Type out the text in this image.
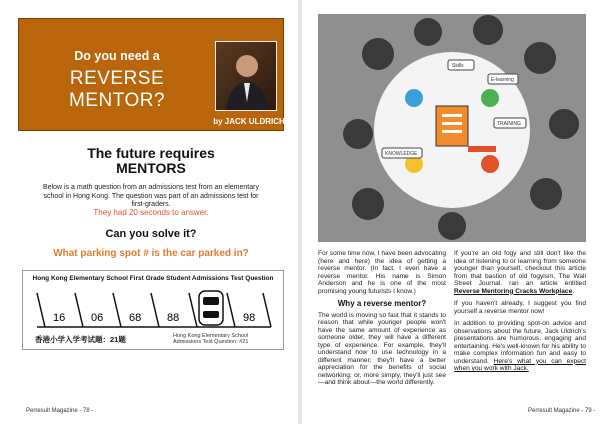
Do you need a
REVERSE
MENTOR?
by JACK ULDRICH
The future requires
MENTORS
Below is a math question from an admissions test from an elementary school in Hong Kong. The question was part of an admissions test for first-graders.
They had 20 seconds to answer.
Can you solve it?
What parking spot # is the car parked in?
Hong Kong Elementary School First Grade Student Admissions Test Question
16 06 68 88	98
香港小学入学考试题：21题	Hong Kong Elementary School Admissions Test Question: #21
Perresult Magazine - 78 -
E-learning
Skills
TRAINING
KNOWLEDGE

For some time now, I have been advocating (here and here) the idea of getting a reverse mentor. (In fact, I even have a reverse mentor. His name is Simon Anderson and he is one of the most promising young futurists I know.)

Why a reverse mentor?

The world is moving so fast that it stands to reason that while younger people won't have the same amount of experience as someone older, they will have a different type of experience. For example, they'll understand how to use technology in a different manner; they'll have a better appreciation for the benefits of social networking; or, more simply, they'll just see—and think about—the world differently.

If you're an old fogy and still don't like the idea of listening to or learning from someone younger than yourself, checkout this article from that bastion of old fogyism, The Wall Street Journal. ran an article entitled Reverse Mentoring Cracks Workplace.

If you haven't already, I suggest you find yourself a reverse mentor now!

In addition to providing spot-on advice and observations about the future, Jack Uldrich's presentations are humorous, engaging and entertaining. He's well-known for his ability to make complex information fun and easy to understand. Here's what you can expect when you work with Jack.

Perresult Magazine - 79 -
